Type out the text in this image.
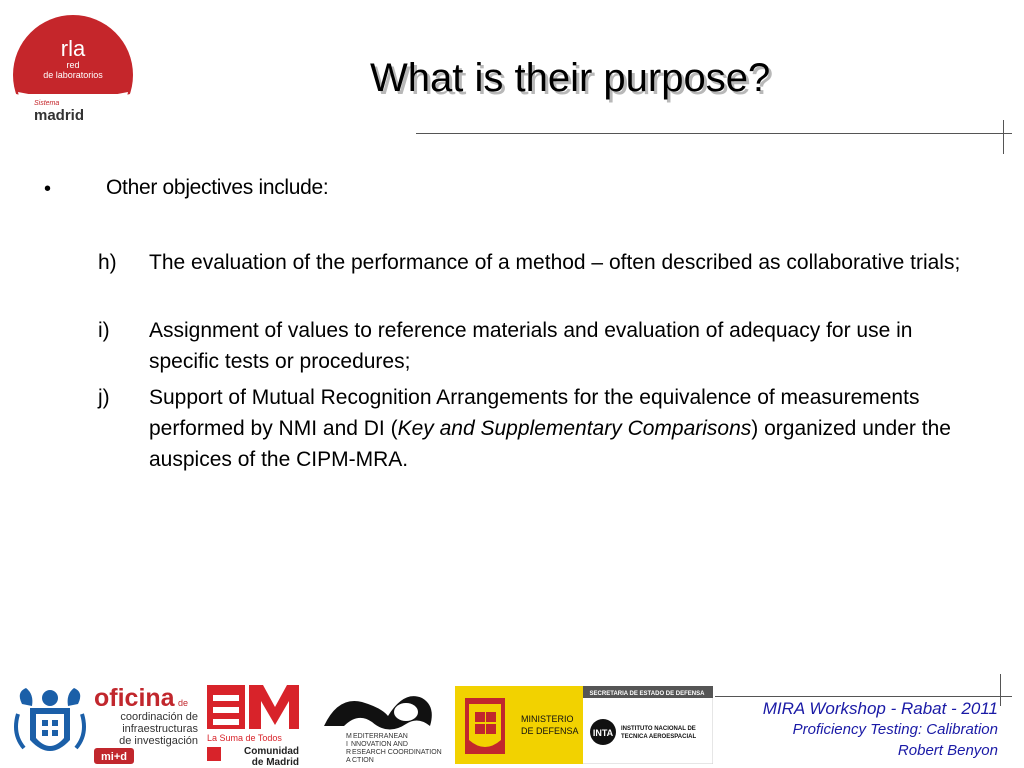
rla
red
de laboratorios
Sistema
madrid
What is their purpose?
•	Other objectives include:
h)	The evaluation of the performance of a method – often described as collaborative trials;
i)	Assignment of values to reference materials and evaluation of adequacy for use in specific tests or procedures;
j)	Support of Mutual Recognition Arrangements for the equivalence of measurements performed by NMI and DI (Key and Supplementary Comparisons) organized under the auspices of the CIPM-MRA.
oficina de
coordinación de
infraestructuras
de investigación
mi+d
La Suma de Todos
Comunidad
de Madrid
M EDITERRANEAN
I NNOVATION AND
R ESEARCH COORDINATION
A CTION
SECRETARIA DE ESTADO DE DEFENSA
MINISTERIO
DE DEFENSA INTA INSTITUTO NACIONAL DE
TECNICA AEROESPACIAL
MIRA Workshop - Rabat - 2011
Proficiency Testing: Calibration
Robert Benyon
